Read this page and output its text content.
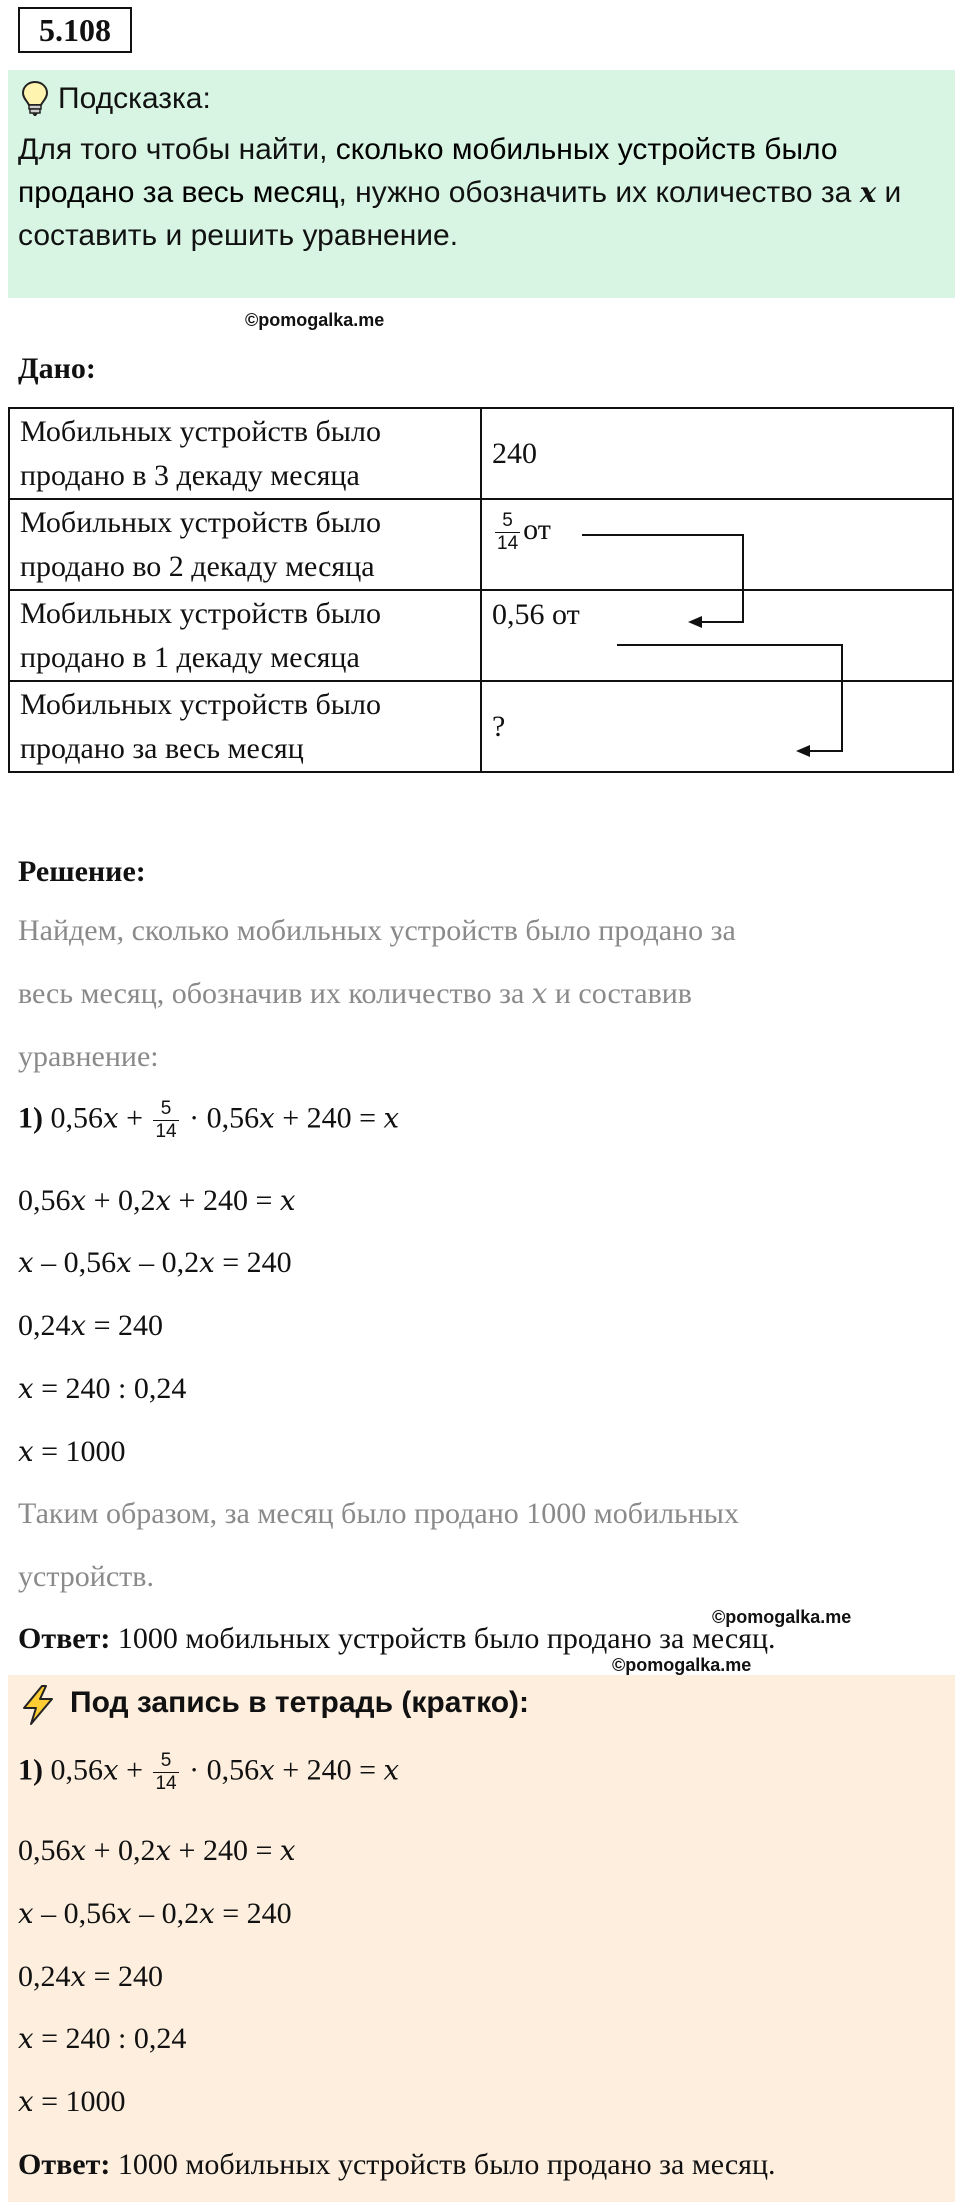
5.108
Подсказка:
Для того чтобы найти, сколько мобильных устройств было продано за весь месяц, нужно обозначить их количество за x и составить и решить уравнение.
©pomogalka.me
Дано:
Мобильных устройств было продано в 3 декаду месяца	240
Мобильных устройств было продано во 2 декаду месяца	$\frac{5}{14}$ от
Мобильных устройств было продано в 1 декаду месяца	0,56 от
Мобильных устройств было продано за весь месяц	?
Решение:
Найдем, сколько мобильных устройств было продано за
весь месяц, обозначив их количество за x и составив
уравнение:
1) $0,56x + \frac{5}{14} \cdot 0,56x + 240 = x$
0,56x + 0,2x + 240 = x
x – 0,56x – 0,2x = 240
0,24x = 240
x = 240 : 0,24
x = 1000
Таким образом, за месяц было продано 1000 мобильных
устройств.
©pomogalka.me
Ответ: 1000 мобильных устройств было продано за месяц.
©pomogalka.me
Под запись в тетрадь (кратко):
1) $0,56x + \frac{5}{14} \cdot 0,56x + 240 = x$
0,56x + 0,2x + 240 = x
x – 0,56x – 0,2x = 240
0,24x = 240
x = 240 : 0,24
x = 1000
Ответ: 1000 мобильных устройств было продано за месяц.
